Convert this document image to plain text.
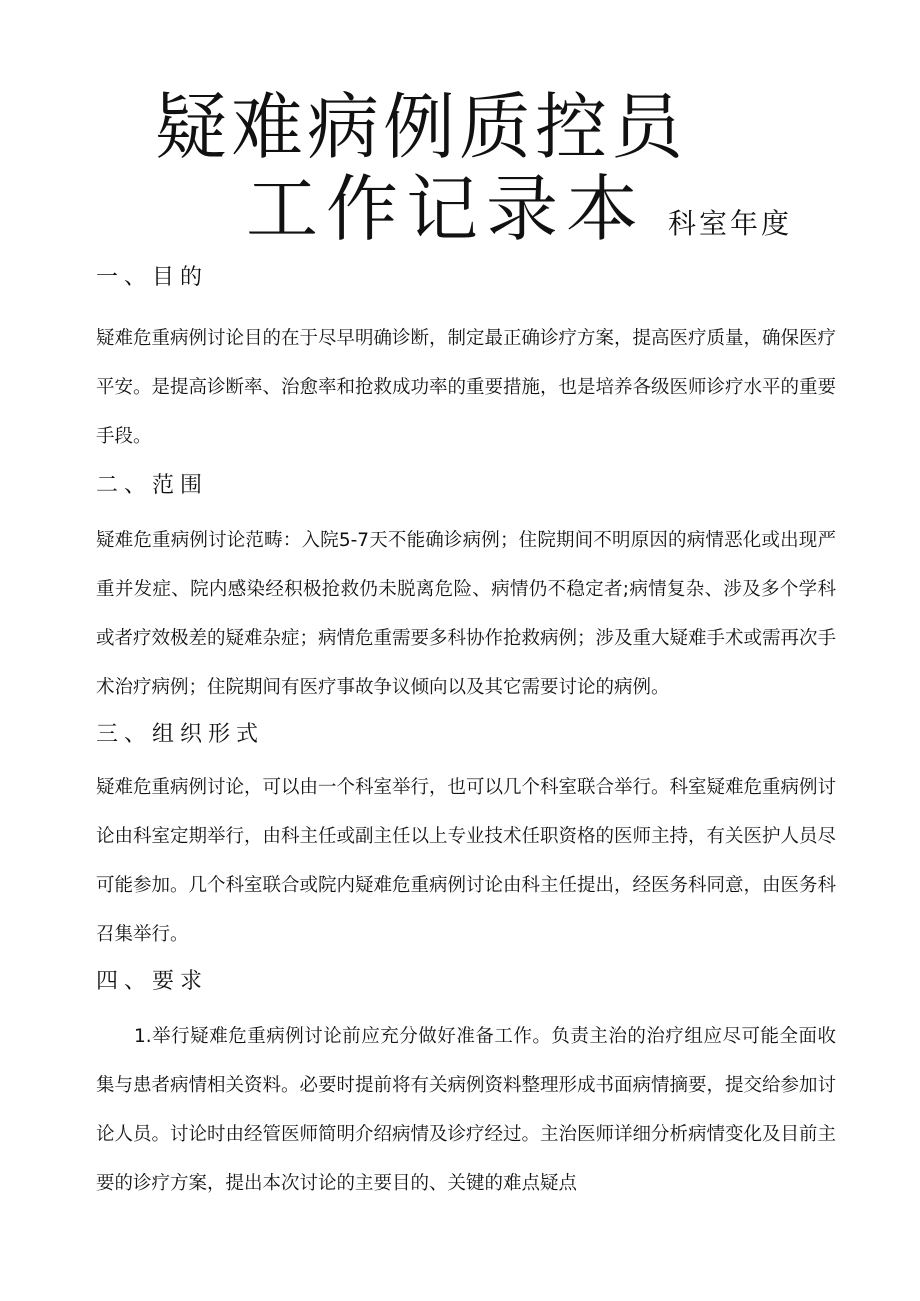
疑难病例质控员
工作记录本 科室年度
一、目的

疑难危重病例讨论目的在于尽早明确诊断，制定最正确诊疗方案，提高医疗质量，确保医疗平安。是提高诊断率、治愈率和抢救成功率的重要措施，也是培养各级医师诊疗水平的重要手段。

二、范围

疑难危重病例讨论范畴：入院5-7天不能确诊病例；住院期间不明原因的病情恶化或出现严重并发症、院内感染经积极抢救仍未脱离危险、病情仍不稳定者;病情复杂、涉及多个学科或者疗效极差的疑难杂症；病情危重需要多科协作抢救病例；涉及重大疑难手术或需再次手术治疗病例；住院期间有医疗事故争议倾向以及其它需要讨论的病例。

三、组织形式

疑难危重病例讨论，可以由一个科室举行，也可以几个科室联合举行。科室疑难危重病例讨论由科室定期举行，由科主任或副主任以上专业技术任职资格的医师主持，有关医护人员尽可能参加。几个科室联合或院内疑难危重病例讨论由科主任提出，经医务科同意，由医务科召集举行。

四、要求

1.举行疑难危重病例讨论前应充分做好准备工作。负责主治的治疗组应尽可能全面收集与患者病情相关资料。必要时提前将有关病例资料整理形成书面病情摘要，提交给参加讨论人员。讨论时由经管医师简明介绍病情及诊疗经过。主治医师详细分析病情变化及目前主要的诊疗方案，提出本次讨论的主要目的、关键的难点疑点
